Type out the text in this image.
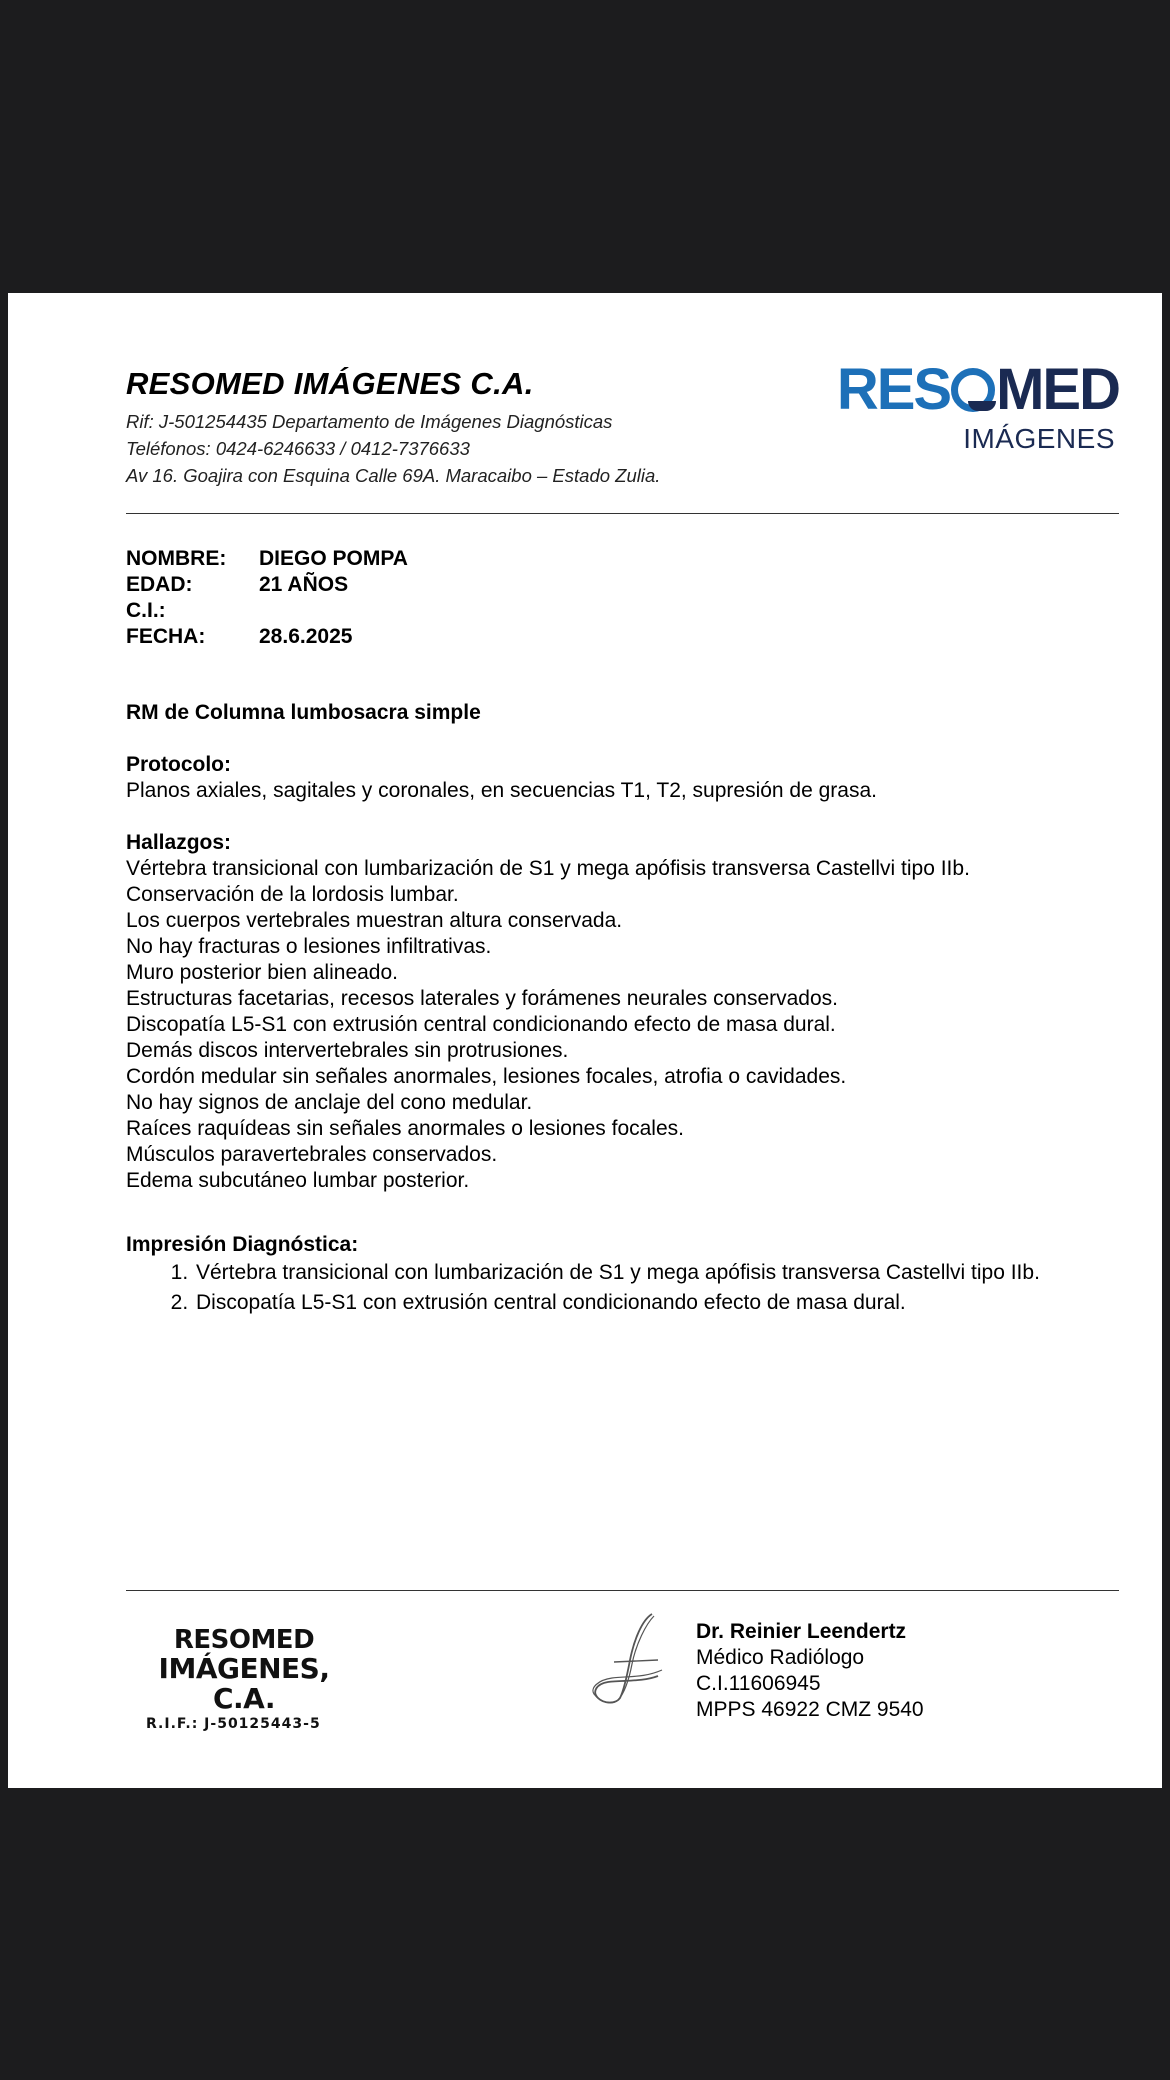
RESOMED IMÁGENES C.A.
Rif: J-501254435 Departamento de Imágenes Diagnósticas
Teléfonos: 0424-6246633 / 0412-7376633
Av 16. Goajira con Esquina Calle 69A. Maracaibo – Estado Zulia.
RES MED
IMÁGENES
NOMBRE:	DIEGO POMPA
EDAD:	21 AÑOS
C.I.:
FECHA:	28.6.2025
RM de Columna lumbosacra simple
Protocolo:
Planos axiales, sagitales y coronales, en secuencias T1, T2, supresión de grasa.
Hallazgos:
Vértebra transicional con lumbarización de S1 y mega apófisis transversa Castellvi tipo IIb.
Conservación de la lordosis lumbar.
Los cuerpos vertebrales muestran altura conservada.
No hay fracturas o lesiones infiltrativas.
Muro posterior bien alineado.
Estructuras facetarias, recesos laterales y forámenes neurales conservados.
Discopatía L5-S1 con extrusión central condicionando efecto de masa dural.
Demás discos intervertebrales sin protrusiones.
Cordón medular sin señales anormales, lesiones focales, atrofia o cavidades.
No hay signos de anclaje del cono medular.
Raíces raquídeas sin señales anormales o lesiones focales.
Músculos paravertebrales conservados.
Edema subcutáneo lumbar posterior.
Impresión Diagnóstica:
1. Vértebra transicional con lumbarización de S1 y mega apófisis transversa Castellvi tipo IIb.
2. Discopatía L5-S1 con extrusión central condicionando efecto de masa dural.
RESOMED
IMÁGENES, C.A.
R.I.F.: J-50125443-5
Dr. Reinier Leendertz
Médico Radiólogo
C.I.11606945
MPPS 46922 CMZ 9540
